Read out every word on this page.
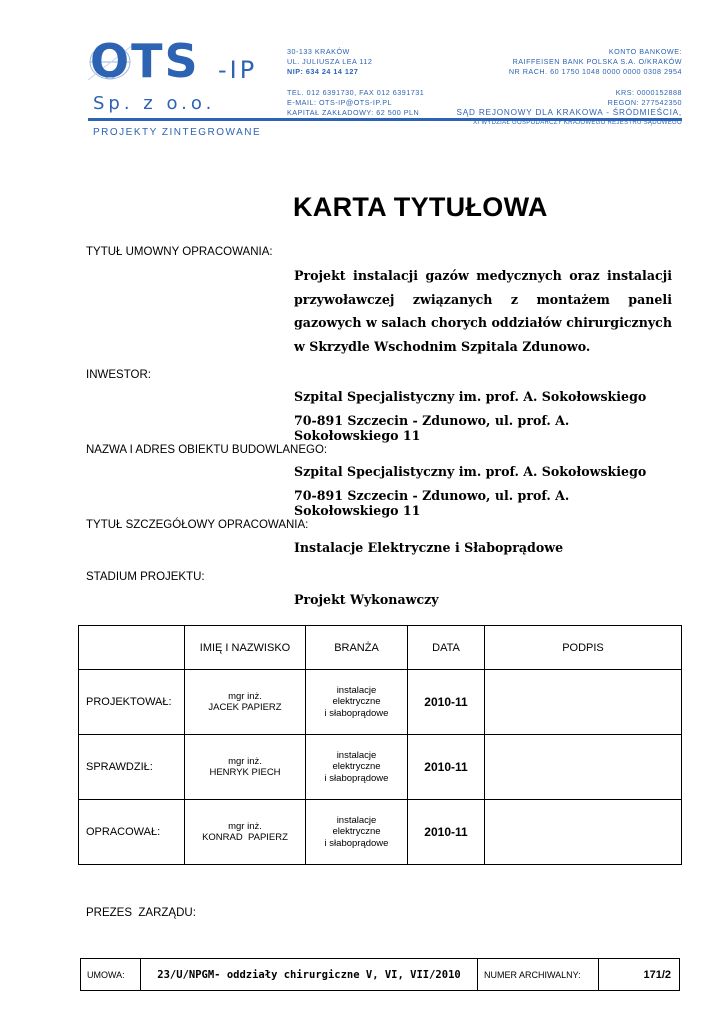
OTS -IP
Sp. z o.o.
PROJEKTY ZINTEGROWANE
30-133 KRAKÓW
UL. JULIUSZA LEA 112
NIP: 634 24 14 127

TEL. 012 6391730, FAX 012 6391731
E-MAIL: OTS-IP@OTS-IP.PL
KAPITAŁ ZAKŁADOWY: 62 500 PLN
KONTO BANKOWE:
RAIFFEISEN BANK POLSKA S.A. O/KRAKÓW
NR RACH. 60 1750 1048 0000 0000 0308 2954

KRS: 0000152888
REGON: 277542350
SĄD REJONOWY DLA KRAKOWA - ŚRÓDMIEŚCIA,
XI WYDZIAŁ GOSPODARCZY KRAJOWEGO REJESTRU SĄDOWEGO
KARTA TYTUŁOWA
TYTUŁ UMOWNY OPRACOWANIA:
Projekt instalacji gazów medycznych oraz instalacji przywoławczej związanych z montażem paneli gazowych w salach chorych oddziałów chirurgicznych w Skrzydle Wschodnim Szpitala Zdunowo.
INWESTOR:
Szpital Specjalistyczny im. prof. A. Sokołowskiego
70-891 Szczecin - Zdunowo, ul. prof. A. Sokołowskiego 11
NAZWA I ADRES OBIEKTU BUDOWLANEGO:
Szpital Specjalistyczny im. prof. A. Sokołowskiego
70-891 Szczecin - Zdunowo, ul. prof. A. Sokołowskiego 11
TYTUŁ SZCZEGÓŁOWY OPRACOWANIA:
Instalacje Elektryczne i Słaboprądowe
STADIUM PROJEKTU:
Projekt Wykonawczy
	IMIĘ I NAZWISKO	BRANŻA	DATA	PODPIS
PROJEKTOWAŁ:	mgr inż.
JACEK PAPIERZ	instalacje
elektryczne
i słaboprądowe	2010-11	
SPRAWDZIŁ:	mgr inż.
HENRYK PIECH	instalacje
elektryczne
i słaboprądowe	2010-11	
OPRACOWAŁ:	mgr inż.
KONRAD  PAPIERZ	instalacje
elektryczne
i słaboprądowe	2010-11	
PREZES  ZARZĄDU:
UMOWA:	23/U/NPGM- oddziały chirurgiczne V, VI, VII/2010	NUMER ARCHIWALNY:	171/2
